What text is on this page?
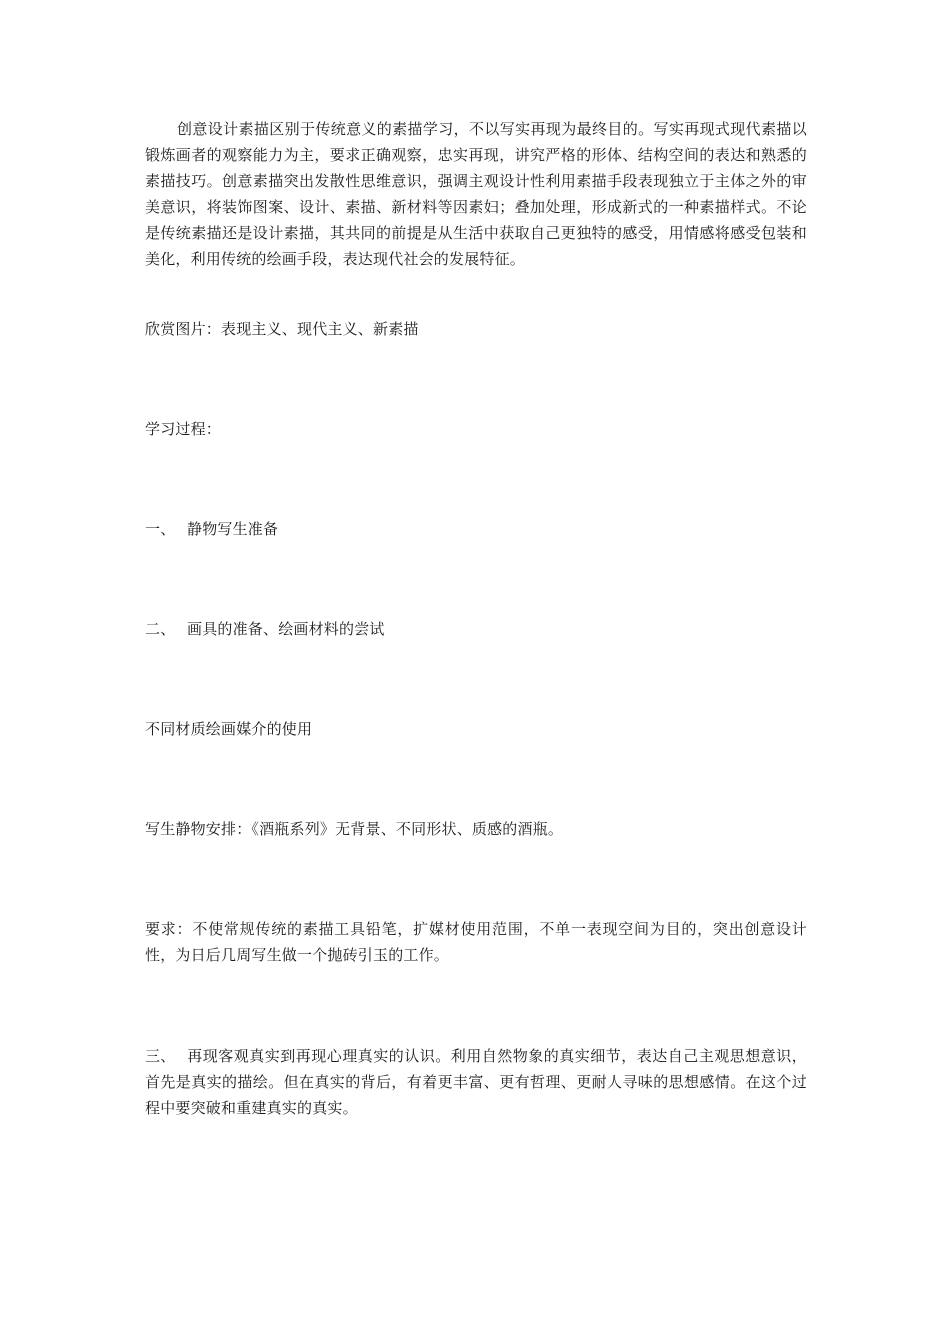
创意设计素描区别于传统意义的素描学习，不以写实再现为最终目的。写实再现式现代素描以锻炼画者的观察能力为主，要求正确观察，忠实再现，讲究严格的形体、结构空间的表达和熟悉的素描技巧。创意素描突出发散性思维意识，强调主观设计性利用素描手段表现独立于主体之外的审美意识，将装饰图案、设计、素描、新材料等因素妇；叠加处理，形成新式的一种素描样式。不论是传统素描还是设计素描，其共同的前提是从生活中获取自己更独特的感受，用情感将感受包装和美化，利用传统的绘画手段，表达现代社会的发展特征。

欣赏图片：表现主义、现代主义、新素描

学习过程：

一、 静物写生准备

二、 画具的准备、绘画材料的尝试

不同材质绘画媒介的使用

写生静物安排：《酒瓶系列》无背景、不同形状、质感的酒瓶。

要求：不使常规传统的素描工具铅笔，扩媒材使用范围，不单一表现空间为目的，突出创意设计性，为日后几周写生做一个抛砖引玉的工作。

三、 再现客观真实到再现心理真实的认识。利用自然物象的真实细节，表达自己主观思想意识，首先是真实的描绘。但在真实的背后，有着更丰富、更有哲理、更耐人寻味的思想感情。在这个过程中要突破和重建真实的真实。
